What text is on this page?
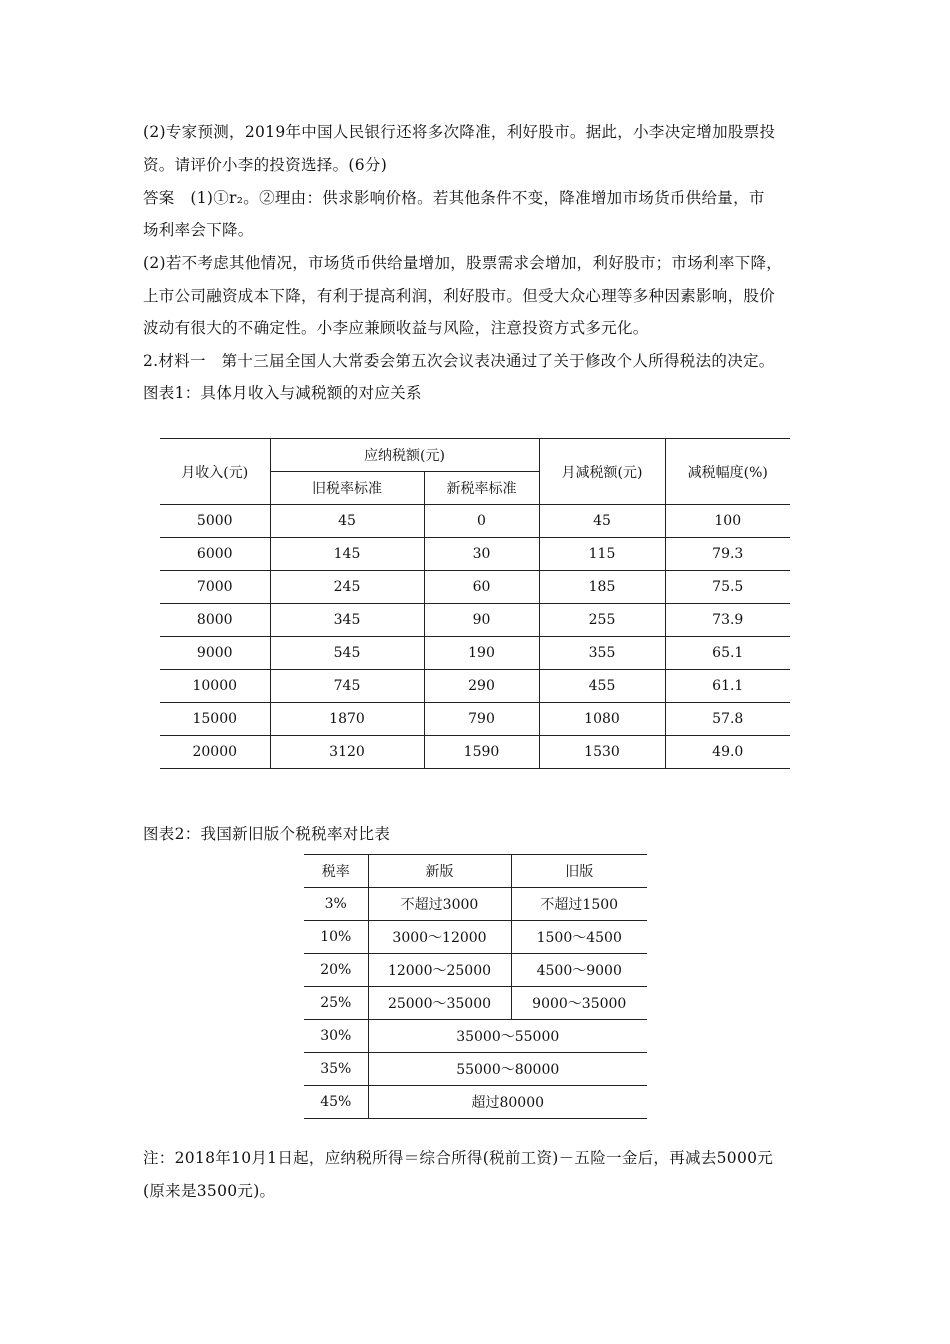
(2)专家预测，2019年中国人民银行还将多次降准，利好股市。据此，小李决定增加股票投
资。请评价小李的投资选择。(6分)
答案　(1)①r₂。②理由：供求影响价格。若其他条件不变，降准增加市场货币供给量，市
场利率会下降。
(2)若不考虑其他情况，市场货币供给量增加，股票需求会增加，利好股市；市场利率下降，
上市公司融资成本下降，有利于提高利润，利好股市。但受大众心理等多种因素影响，股价
波动有很大的不确定性。小李应兼顾收益与风险，注意投资方式多元化。
2.材料一　第十三届全国人大常委会第五次会议表决通过了关于修改个人所得税法的决定。
图表1：具体月收入与减税额的对应关系
月收入(元)	应纳税额(元)		月减税额(元)	减税幅度(%)
	旧税率标准	新税率标准		
5000	45	0	45	100
6000	145	30	115	79.3
7000	245	60	185	75.5
8000	345	90	255	73.9
9000	545	190	355	65.1
10000	745	290	455	61.1
15000	1870	790	1080	57.8
20000	3120	1590	1530	49.0
图表2：我国新旧版个税税率对比表
税率	新版	旧版
3%	不超过3000	不超过1500
10%	3000～12000	1500～4500
20%	12000～25000	4500～9000
25%	25000～35000	9000～35000
30%	35000～55000	
35%	55000～80000	
45%	超过80000	
注：2018年10月1日起，应纳税所得＝综合所得(税前工资)－五险一金后，再减去5000元
(原来是3500元)。
